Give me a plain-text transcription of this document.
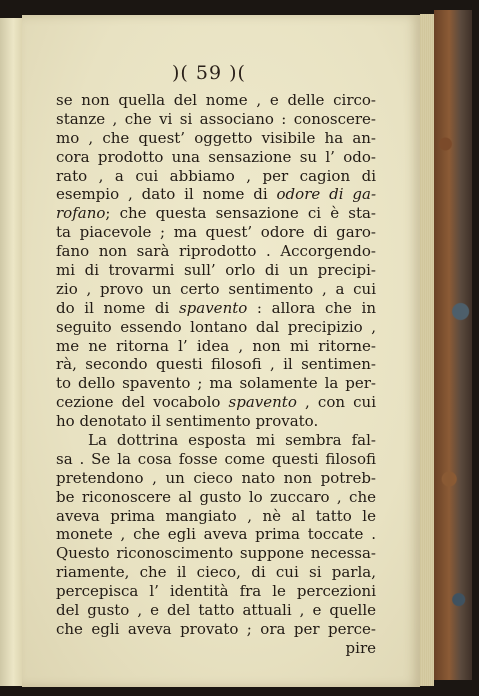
)( 59 )(
se non quella del nome , e delle circo-
stanze , che vi si associano : conoscere-
mo , che quest’ oggetto visibile ha an-
cora prodotto una sensazione su l’ odo-
rato , a cui abbiamo , per cagion di
esempio , dato il nome di odore di ga-
rofano; che questa sensazione ci è sta-
ta piacevole ; ma quest’ odore di garo-
fano non sarà riprodotto . Accorgendo-
mi di trovarmi sull’ orlo di un precipi-
zio , provo un certo sentimento , a cui
do il nome di spavento : allora che in
seguito essendo lontano dal precipizio ,
me ne ritorna l’ idea , non mi ritorne-
rà, secondo questi filosofi , il sentimen-
to dello spavento ; ma solamente la per-
cezione del vocabolo spavento , con cui
ho denotato il sentimento provato.
La dottrina esposta mi sembra fal-
sa . Se la cosa fosse come questi filosofi
pretendono , un cieco nato non potreb-
be riconoscere al gusto lo zuccaro , che
aveva prima mangiato , nè al tatto le
monete , che egli aveva prima toccate .
Questo riconoscimento suppone necessa-
riamente, che il cieco, di cui si parla,
percepisca l’ identità fra le percezioni
del gusto , e del tatto attuali , e quelle
che egli aveva provato ; ora per perce-
pire
